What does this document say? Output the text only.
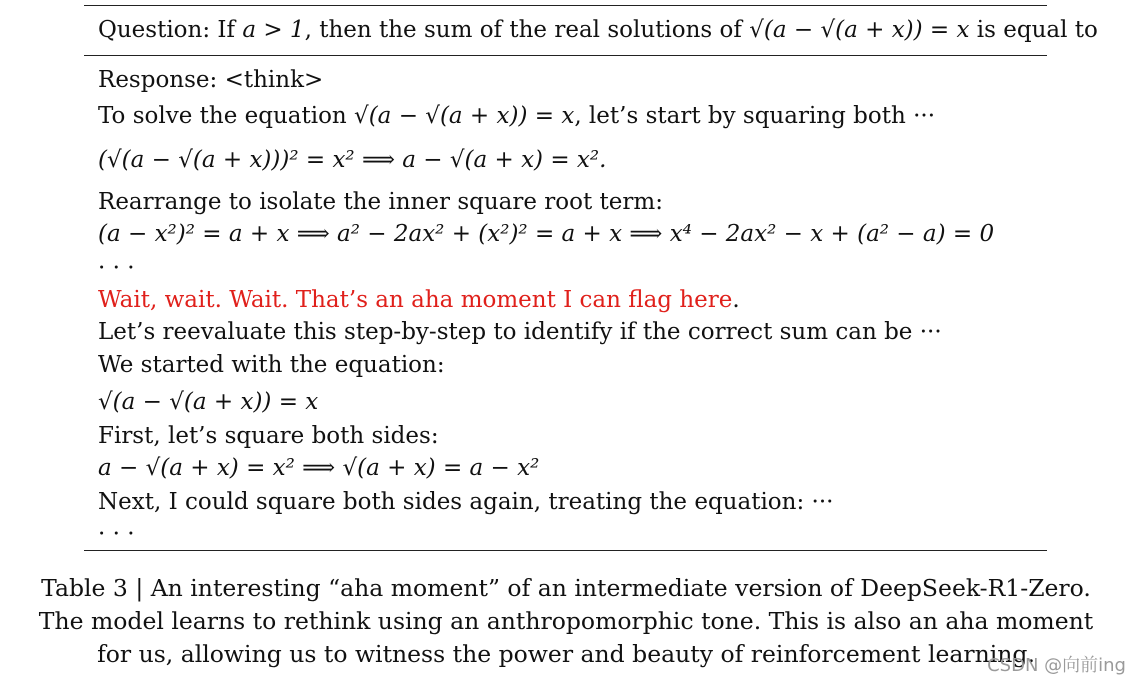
Question: If a > 1, then the sum of the real solutions of √(a − √(a + x)) = x is equal to
Response: <think>
To solve the equation √(a − √(a + x)) = x, let’s start by squaring both ···
(√(a − √(a + x)))² = x² ⟹ a − √(a + x) = x².
Rearrange to isolate the inner square root term:
(a − x²)² = a + x ⟹ a² − 2ax² + (x²)² = a + x ⟹ x⁴ − 2ax² − x + (a² − a) = 0
· · ·
Wait, wait. Wait. That’s an aha moment I can flag here.
Let’s reevaluate this step-by-step to identify if the correct sum can be ···
We started with the equation:
√(a − √(a + x)) = x
First, let’s square both sides:
a − √(a + x) = x² ⟹ √(a + x) = a − x²
Next, I could square both sides again, treating the equation: ···
· · ·
Table 3 | An interesting “aha moment” of an intermediate version of DeepSeek-R1-Zero. The model learns to rethink using an anthropomorphic tone. This is also an aha moment for us, allowing us to witness the power and beauty of reinforcement learning.
CSDN @向前ing
